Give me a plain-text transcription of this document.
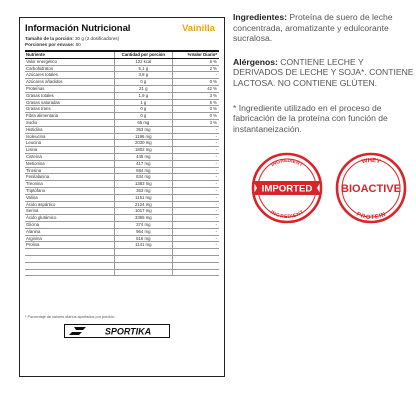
Información Nutricional	Vainilla
Tamaño de la porción: 30 g (2 dosificadores)
Porciones por envase: 80
Nutriente	Cantidad por porción	%Valor Diario*
Valor energético	122 kcal	6 %
Carbohidratos	5,1 g	2 %
Azúcares totales	3,8 g	-
Azúcares añadidos	0 g	0 %
Proteínas	21 g	42 %
Grasas totales	1,9 g	3 %
Grasas saturadas	1 g	5 %
Grasas trans	0 g	0 %
Fibra alimentaria	0 g	0 %
Sodio	65 mg	3 %
Histidina	353 mg	-
Isoleucina	1196 mg	-
Leucina	2030 mg	-
Lisina	1802 mg	-
Cisteína	445 mg	-
Metionina	417 mg	-
Tirosina	584 mg	-
Fenilalanina	634 mg	-
Treonina	1383 mg	-
Triptófano	353 mg	-
Valina	1151 mg	-
Ácido aspártico	2124 mg	-
Serina	1017 mg	-
Ácido glutámico	3365 mg	-
Glicina	374 mg	-
Alanina	964 mg	-
Arginina	516 mg	-
Prolina	1141 mg	-

* Porcentaje de valores diarios aportados por porción
SPORTIKA
Ingredientes: Proteína de suero de leche concentrada, aromatizante y edulcorante sucralosa.
Alérgenos: CONTIENE LECHE Y DERIVADOS DE LECHE Y SOJA*. CONTIENE LACTOSA. NO CONTIENE GLÚTEN.
* Ingrediente utilizado en el proceso de fabricación de la proteína con función de instantaneización.
INGREDIENT
INGREDIENT
IMPORTED
WHEY
PROTEIN
BIOACTIVE
